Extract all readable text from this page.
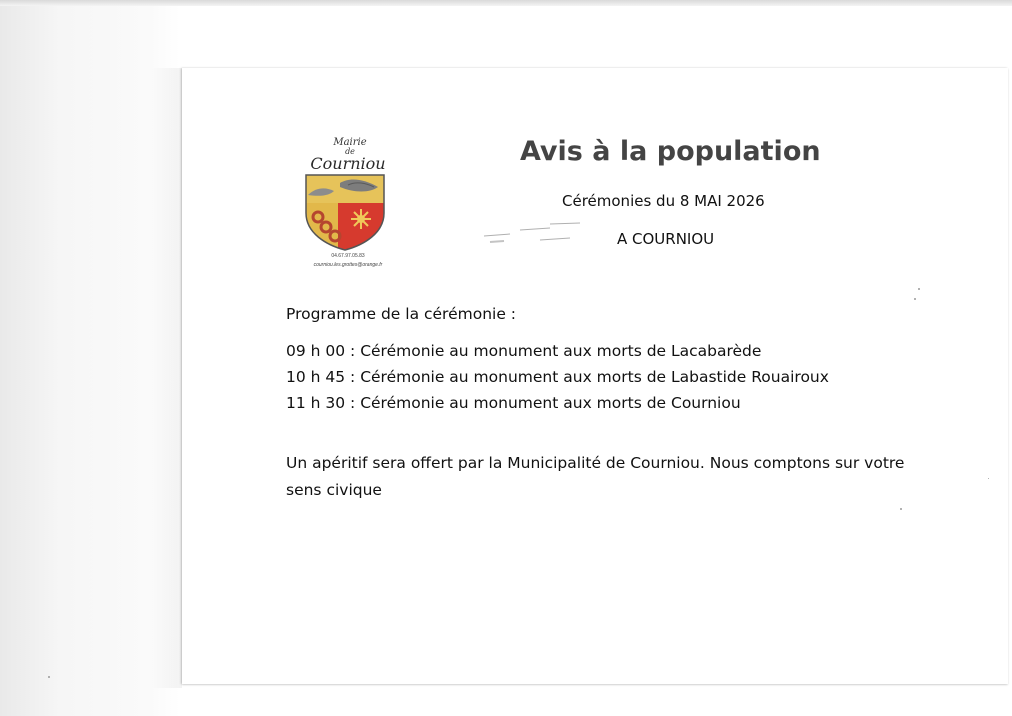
Mairie
de
Courniou
04.67.97.05.83
courniou.les.grottes@orange.fr
Avis à la population
Cérémonies du 8 MAI 2026
A COURNIOU
Programme de la cérémonie :
09 h 00 : Cérémonie au monument aux morts de Lacabarède
10 h 45 : Cérémonie au monument aux morts de Labastide Rouairoux
11 h 30 : Cérémonie au monument aux morts de Courniou
Un apéritif sera offert par la Municipalité de Courniou. Nous comptons sur votre sens civique
